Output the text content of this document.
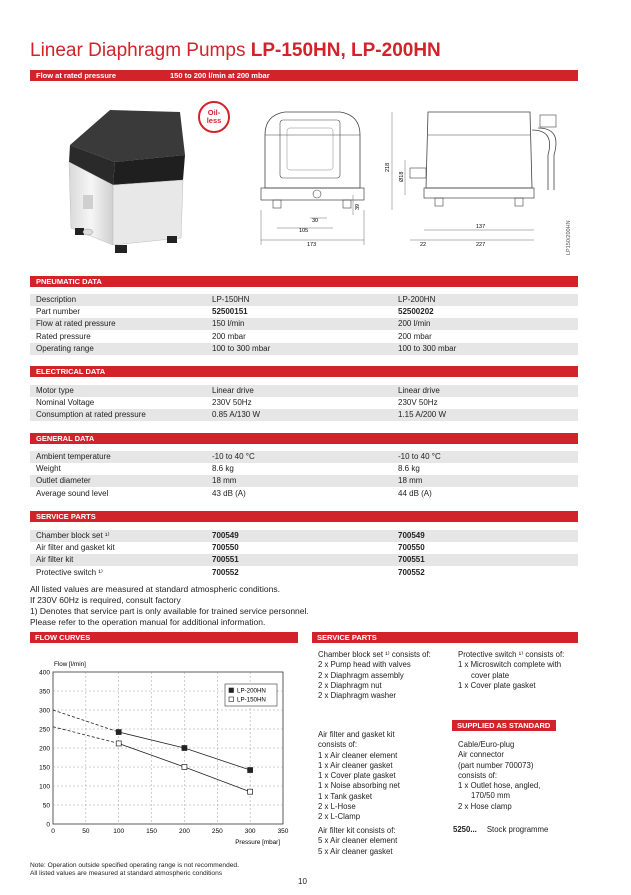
Linear Diaphragm Pumps LP-150HN, LP-200HN
Flow at rated pressure	150 to 200 l/min at 200 mbar
Oil-
less
30
105
173
39
218
Ø18
137
227
22	LP150/200HN
PNEUMATIC DATA
Description	LP-150HN	LP-200HN
Part number	52500151	52500202
Flow at rated pressure	150 l/min	200 l/min
Rated pressure	200 mbar	200 mbar
Operating range	100 to 300 mbar	100 to 300 mbar
ELECTRICAL DATA
Motor type	Linear drive	Linear drive
Nominal Voltage	230V 50Hz	230V 50Hz
Consumption at rated pressure	0.85 A/130 W	1.15 A/200 W
GENERAL DATA
Ambient temperature	-10 to 40 °C	-10 to 40 °C
Weight	8.6 kg	8.6 kg
Outlet diameter	18 mm	18 mm
Average sound level	43 dB (A)	44 dB (A)
SERVICE PARTS
Chamber block set ¹⁾	700549	700549
Air filter and gasket kit	700550	700550
Air filter kit	700551	700551
Protective switch ¹⁾	700552	700552
All listed values are measured at standard atmospheric conditions.
If 230V 60Hz is required, consult factory
1) Denotes that service part is only available for trained service personnel.
Please refer to the operation manual for additional information.
FLOW CURVES
0	50	100	150	200	250	300	350
0
50
100
150
200
250
300
350
400
Flow [l/min]
Pressure [mbar]
LP-200HN
LP-150HN
SERVICE PARTS
Chamber block set ¹⁾ consists of:
2 x Pump head with valves
2 x Diaphragm assembly
2 x Diaphragm nut
2 x Diaphragm washer
Protective switch ¹⁾ consists of:
1 x Microswitch complete with
cover plate
1 x Cover plate gasket
Air filter and gasket kit
consists of:
1 x Air cleaner element
1 x Air cleaner gasket
1 x Cover plate gasket
1 x Noise absorbing net
1 x Tank gasket
2 x L-Hose
2 x L-Clamp
Air filter kit consists of:
5 x Air cleaner element
5 x Air cleaner gasket
SUPPLIED AS STANDARD
Cable/Euro-plug
Air connector
(part number 700073)
consists of:
1 x Outlet hose, angled,
170/50 mm
2 x Hose clamp
5250... Stock programme
Note: Operation outside specified operating range is not recommended.
All listed values are measured at standard atmospheric conditions
10
